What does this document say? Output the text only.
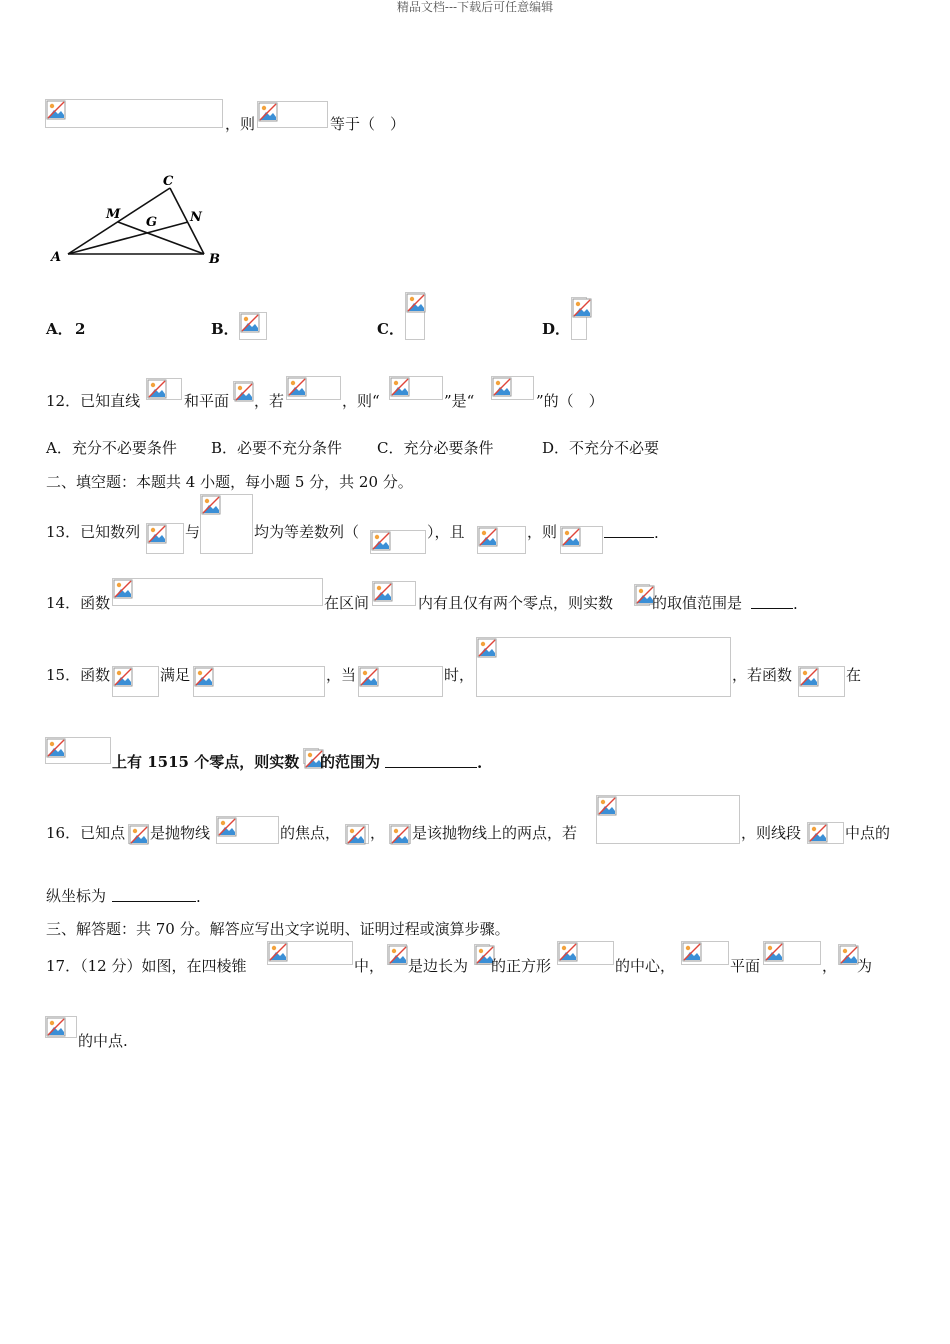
精品文档---下载后可任意编辑
，则	等于（　）
C
M
G	N
A	B
A． 2	B．	C．	D．
12．已知直线	和平面 ，若	，则“	”是“	”的（　）
A．充分不必要条件 B．必要不充分条件 C．充分必要条件	D．不充分不必要
二、填空题：本题共 4 小题，每小题 5 分，共 20 分。
13．已知数列	与	均为等差数列（	），且	，则	.
14．函数	在区间	内有且仅有两个零点，则实数	的取值范围是	.
15．函数	满足	，当	时，	，若函数	在
上有 1515 个零点，则实数 的范围为	.
16．已知点 是抛物线	的焦点， ， 是该抛物线上的两点，若	，则线段	中点的
纵坐标为	.
三、解答题：共 70 分。解答应写出文字说明、证明过程或演算步骤。
17．（12 分）如图，在四棱锥	中， 是边长为 的正方形	的中心，	平面	， 为
的中点.
